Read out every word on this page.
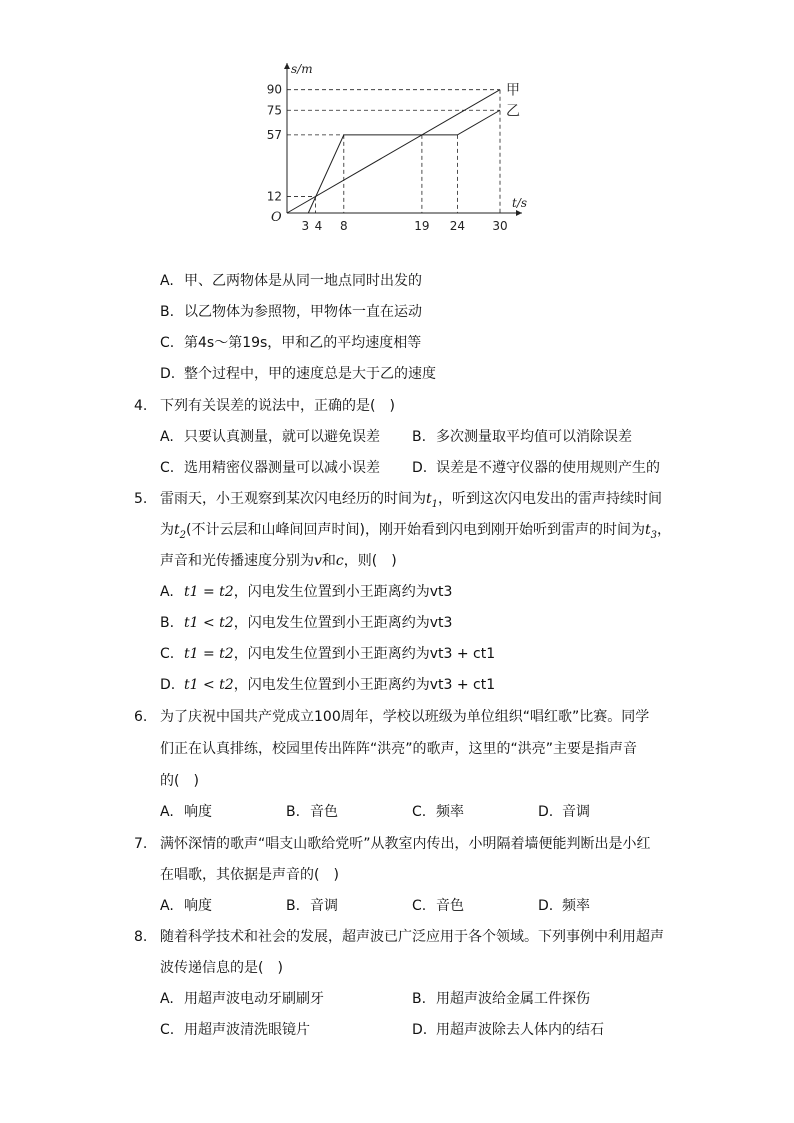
甲
乙
12
57
75
90
3 4 8	19 24 30
s/m
t/s
O
A. 甲、乙两物体是从同一地点同时出发的
B. 以乙物体为参照物，甲物体一直在运动
C. 第4s～第19s，甲和乙的平均速度相等
D. 整个过程中，甲的速度总是大于乙的速度
4. 下列有关误差的说法中，正确的是(　)
A. 只要认真测量，就可以避免误差 B. 多次测量取平均值可以消除误差
C. 选用精密仪器测量可以减小误差 D. 误差是不遵守仪器的使用规则产生的
5. 雷雨天，小王观察到某次闪电经历的时间为$t_1$，听到这次闪电发出的雷声持续时间
为$t_2$(不计云层和山峰间回声时间)，刚开始看到闪电到刚开始听到雷声的时间为$t_3$，
声音和光传播速度分别为v和c，则(　)
A. t1 = t2，闪电发生位置到小王距离约为vt3
B. t1 < t2，闪电发生位置到小王距离约为vt3
C. t1 = t2，闪电发生位置到小王距离约为vt3 + ct1
D. t1 < t2，闪电发生位置到小王距离约为vt3 + ct1
6. 为了庆祝中国共产党成立100周年，学校以班级为单位组织“唱红歌”比赛。同学
们正在认真排练，校园里传出阵阵“洪亮”的歌声，这里的“洪亮”主要是指声音
的(　)
A. 响度	B. 音色	C. 频率	D. 音调
7. 满怀深情的歌声“唱支山歌给党听”从教室内传出，小明隔着墙便能判断出是小红
在唱歌，其依据是声音的(　)
A. 响度	B. 音调	C. 音色	D. 频率
8. 随着科学技术和社会的发展，超声波已广泛应用于各个领域。下列事例中利用超声
波传递信息的是(　)
A. 用超声波电动牙刷刷牙	B. 用超声波给金属工件探伤
C. 用超声波清洗眼镜片	D. 用超声波除去人体内的结石
